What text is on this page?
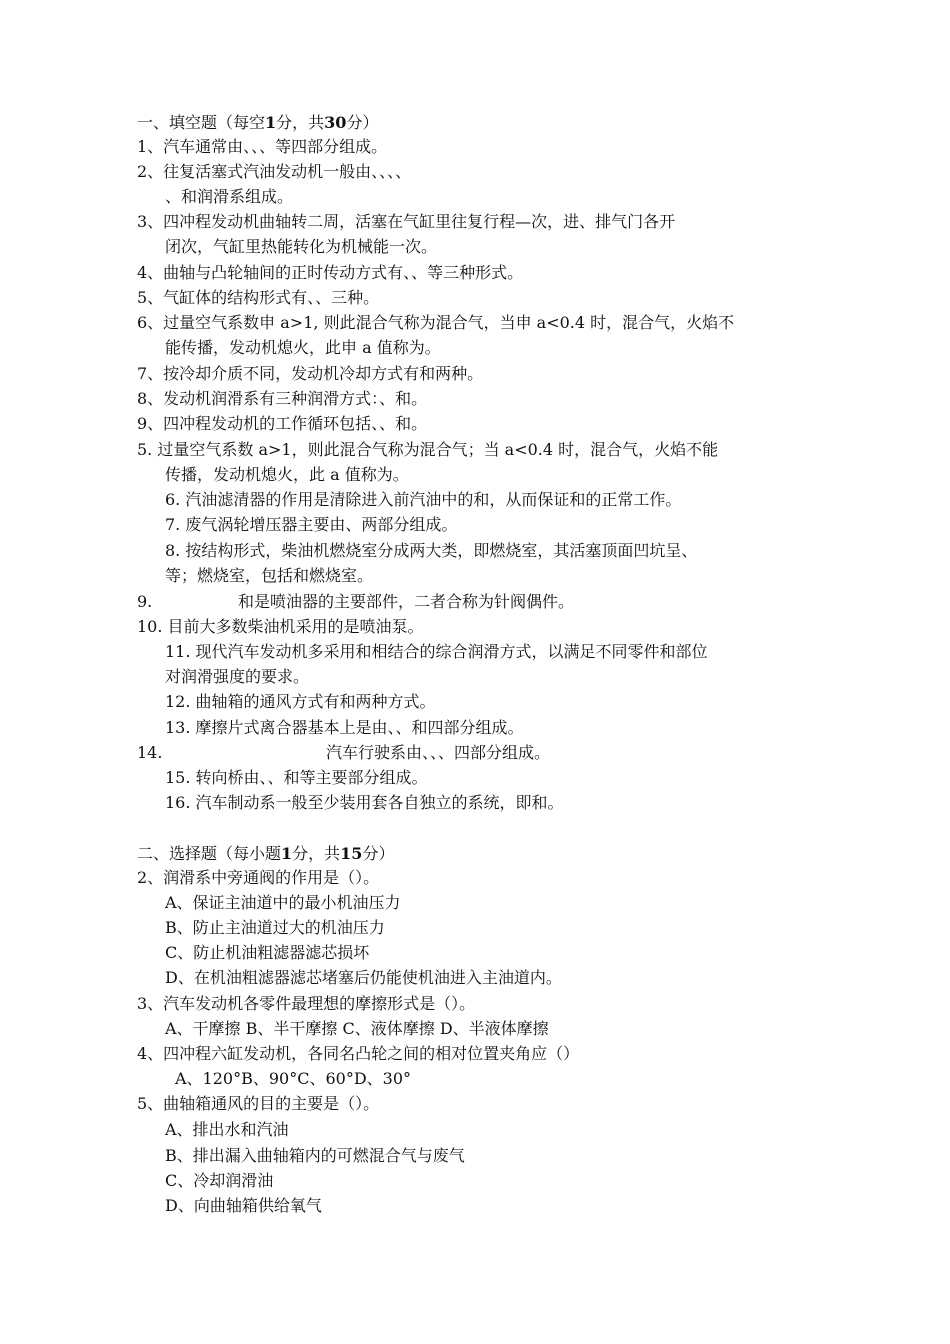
一、填空题（每空1分，共30分）
1、汽车通常由、、、等四部分组成。
2、往复活塞式汽油发动机一般由、、、、
、和润滑系组成。
3、四冲程发动机曲轴转二周，活塞在气缸里往复行程—次，进、排气门各开
闭次，气缸里热能转化为机械能一次。
4、曲轴与凸轮轴间的正时传动方式有、、等三种形式。
5、气缸体的结构形式有、、三种。
6、过量空气系数申 a>1, 则此混合气称为混合气，当申 a<0.4 时，混合气，火焰不
能传播，发动机熄火，此申 a 值称为。
7、按冷却介质不同，发动机冷却方式有和两种。
8、发动机润滑系有三种润滑方式：、和。
9、四冲程发动机的工作循环包括、、和。
5. 过量空气系数 a>1，则此混合气称为混合气；当 a<0.4 时，混合气，火焰不能
传播，发动机熄火，此 a 值称为。
6. 汽油滤清器的作用是清除进入前汽油中的和，从而保证和的正常工作。
7. 废气涡轮增压器主要由、两部分组成。
8. 按结构形式，柴油机燃烧室分成两大类，即燃烧室，其活塞顶面凹坑呈、
等；燃烧室，包括和燃烧室。
9.	和是喷油器的主要部件，二者合称为针阀偶件。
10. 目前大多数柴油机采用的是喷油泵。
11. 现代汽车发动机多采用和相结合的综合润滑方式，以满足不同零件和部位
对润滑强度的要求。
12. 曲轴箱的通风方式有和两种方式。
13. 摩擦片式离合器基本上是由、、和四部分组成。
14.	汽车行驶系由、、、四部分组成。
15. 转向桥由、、和等主要部分组成。
16. 汽车制动系一般至少装用套各自独立的系统，即和。
二、选择题（每小题1分，共15分）
2、润滑系中旁通阀的作用是（）。
A、保证主油道中的最小机油压力
B、防止主油道过大的机油压力
C、防止机油粗滤器滤芯损坏
D、在机油粗滤器滤芯堵塞后仍能使机油进入主油道内。
3、汽车发动机各零件最理想的摩擦形式是（）。
A、干摩擦 B、半干摩擦 C、液体摩擦 D、半液体摩擦
4、四冲程六缸发动机，各同名凸轮之间的相对位置夹角应（）
A、120°B、90°C、60°D、30°
5、曲轴箱通风的目的主要是（）。
A、排出水和汽油
B、排出漏入曲轴箱内的可燃混合气与废气
C、冷却润滑油
D、向曲轴箱供给氧气
